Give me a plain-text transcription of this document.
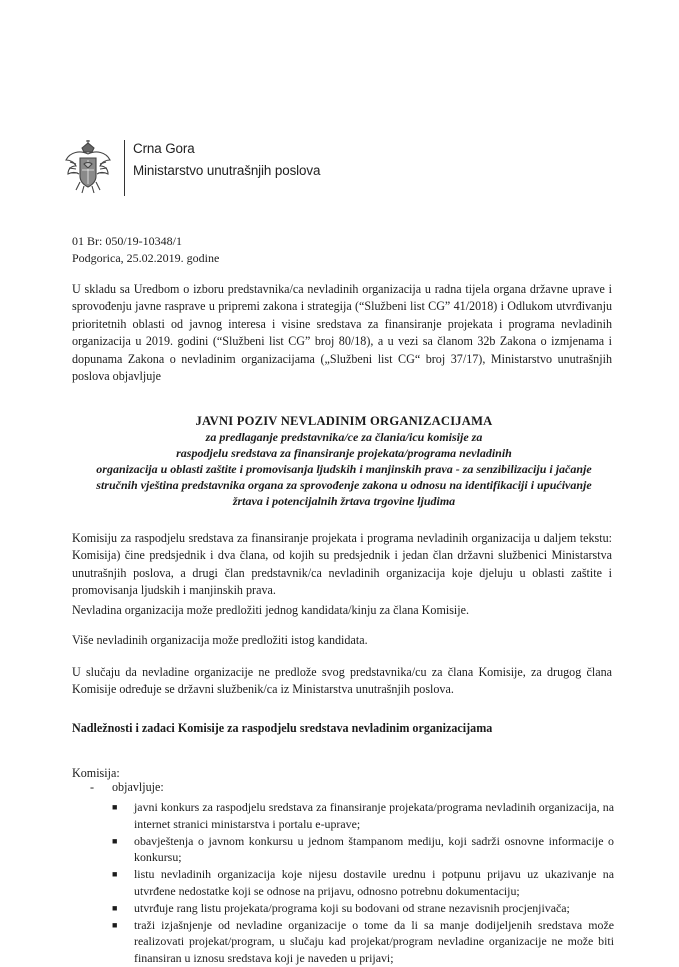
Crna Gora
Ministarstvo unutrašnjih poslova
01 Br: 050/19-10348/1
Podgorica, 25.02.2019. godine
U skladu sa Uredbom o izboru predstavnika/ca nevladinih organizacija u radna tijela organa državne uprave i sprovođenju javne rasprave u pripremi zakona i strategija (“Službeni list CG” 41/2018) i Odlukom utvrđivanju prioritetnih oblasti od javnog interesa i visine sredstava za finansiranje projekata i programa nevladinih organizacija u 2019. godini (“Službeni list CG” broj 80/18), a u vezi sa članom 32b Zakona o izmjenama i dopunama Zakona o nevladinim organizacijama („Službeni list CG“ broj 37/17), Ministarstvo unutrašnjih poslova objavljuje
JAVNI POZIV NEVLADINIM ORGANIZACIJAMA
za predlaganje predstavnika/ce za člania/icu komisije za
raspodjelu sredstava za finansiranje projekata/programa nevladinih
organizacija u oblasti zaštite i promovisanja ljudskih i manjinskih prava - za senzibilizaciju i jačanje
stručnih vještina predstavnika organa za sprovođenje zakona u odnosu na identifikaciji i upućivanje
žrtava i potencijalnih žrtava trgovine ljudima
Komisiju za raspodjelu sredstava za finansiranje projekata i programa nevladinih organizacija u daljem tekstu: Komisija) čine predsjednik i dva člana, od kojih su predsjednik i jedan član državni službenici Ministarstva unutrašnjih poslova, a drugi član predstavnik/ca nevladinih organizacija koje djeluju u oblasti zaštite i promovisanja ljudskih i manjinskih prava.
Nevladina organizacija može predložiti jednog kandidata/kinju za člana Komisije.
Više nevladinih organizacija može predložiti istog kandidata.
U slučaju da nevladine organizacije ne predlože svog predstavnika/cu za člana Komisije, za drugog člana Komisije određuje se državni službenik/ca iz Ministarstva unutrašnjih poslova.
Nadležnosti i zadaci Komisije za raspodjelu sredstava nevladinim organizacijama
Komisija:
- objavljuje:
■ javni konkurs za raspodjelu sredstava za finansiranje projekata/programa nevladinih organizacija, na internet stranici ministarstva i portalu e-uprave;
■ obavještenja o javnom konkursu u jednom štampanom mediju, koji sadrži osnovne informacije o konkursu;
■ listu nevladinih organizacija koje nijesu dostavile urednu i potpunu prijavu uz ukazivanje na utvrđene nedostatke koji se odnose na prijavu, odnosno potrebnu dokumentaciju;
■ utvrđuje rang listu projekata/programa koji su bodovani od strane nezavisnih procjenjivača;
■ traži izjašnjenje od nevladine organizacije o tome da li sa manje dodijeljenih sredstava može realizovati projekat/program, u slučaju kad projekat/program nevladine organizacije ne može biti finansiran u iznosu sredstava koji je naveden u prijavi;
